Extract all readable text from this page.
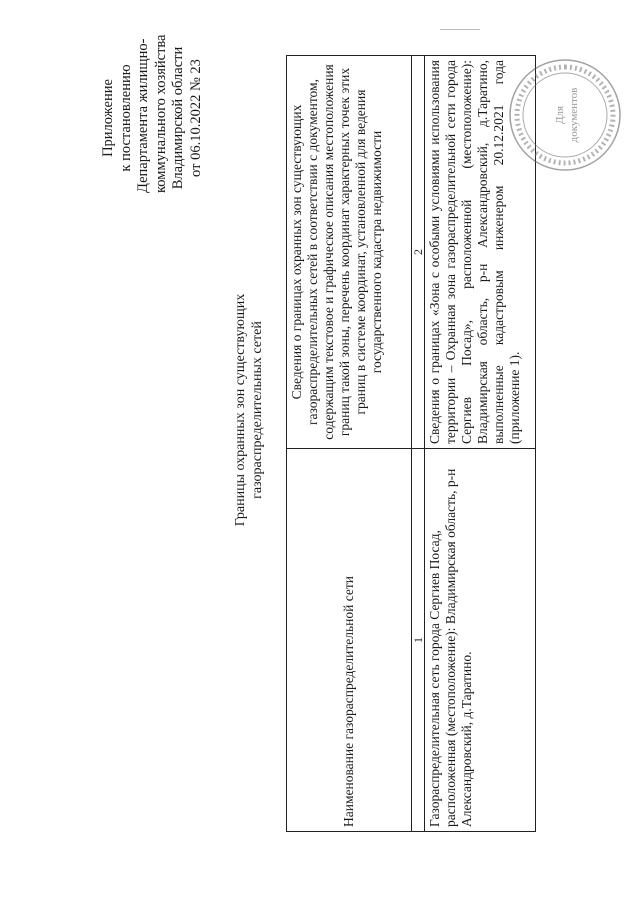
Приложение к постановлению Департамента жилищно- коммунального хозяйства Владимирской области от 06.10.2022 № 23
Границы охранных зон существующих газораспределительных сетей
Наименование газораспределительной сети	Сведения о границах охранных зон существующих газораспределительных сетей в соответствии с документом, содержащим текстовое и графическое описания местоположения границ такой зоны, перечень координат характерных точек этих границ в системе координат, установленной для ведения государственного кадастра недвижимости
1	2
Газораспределительная сеть города Сергиев Посад, расположенная (местоположение): Владимирская область, р-н Александровский, д.Таратино.	Сведения о границах «Зона с особыми условиями использования территории – Охранная зона газораспределительной сети города Сергиев Посад», расположенной (местоположение): Владимирская область, р-н Александровский, д.Таратино, выполненные кадастровым инженером 20.12.2021 года (приложение 1).
Для документов
